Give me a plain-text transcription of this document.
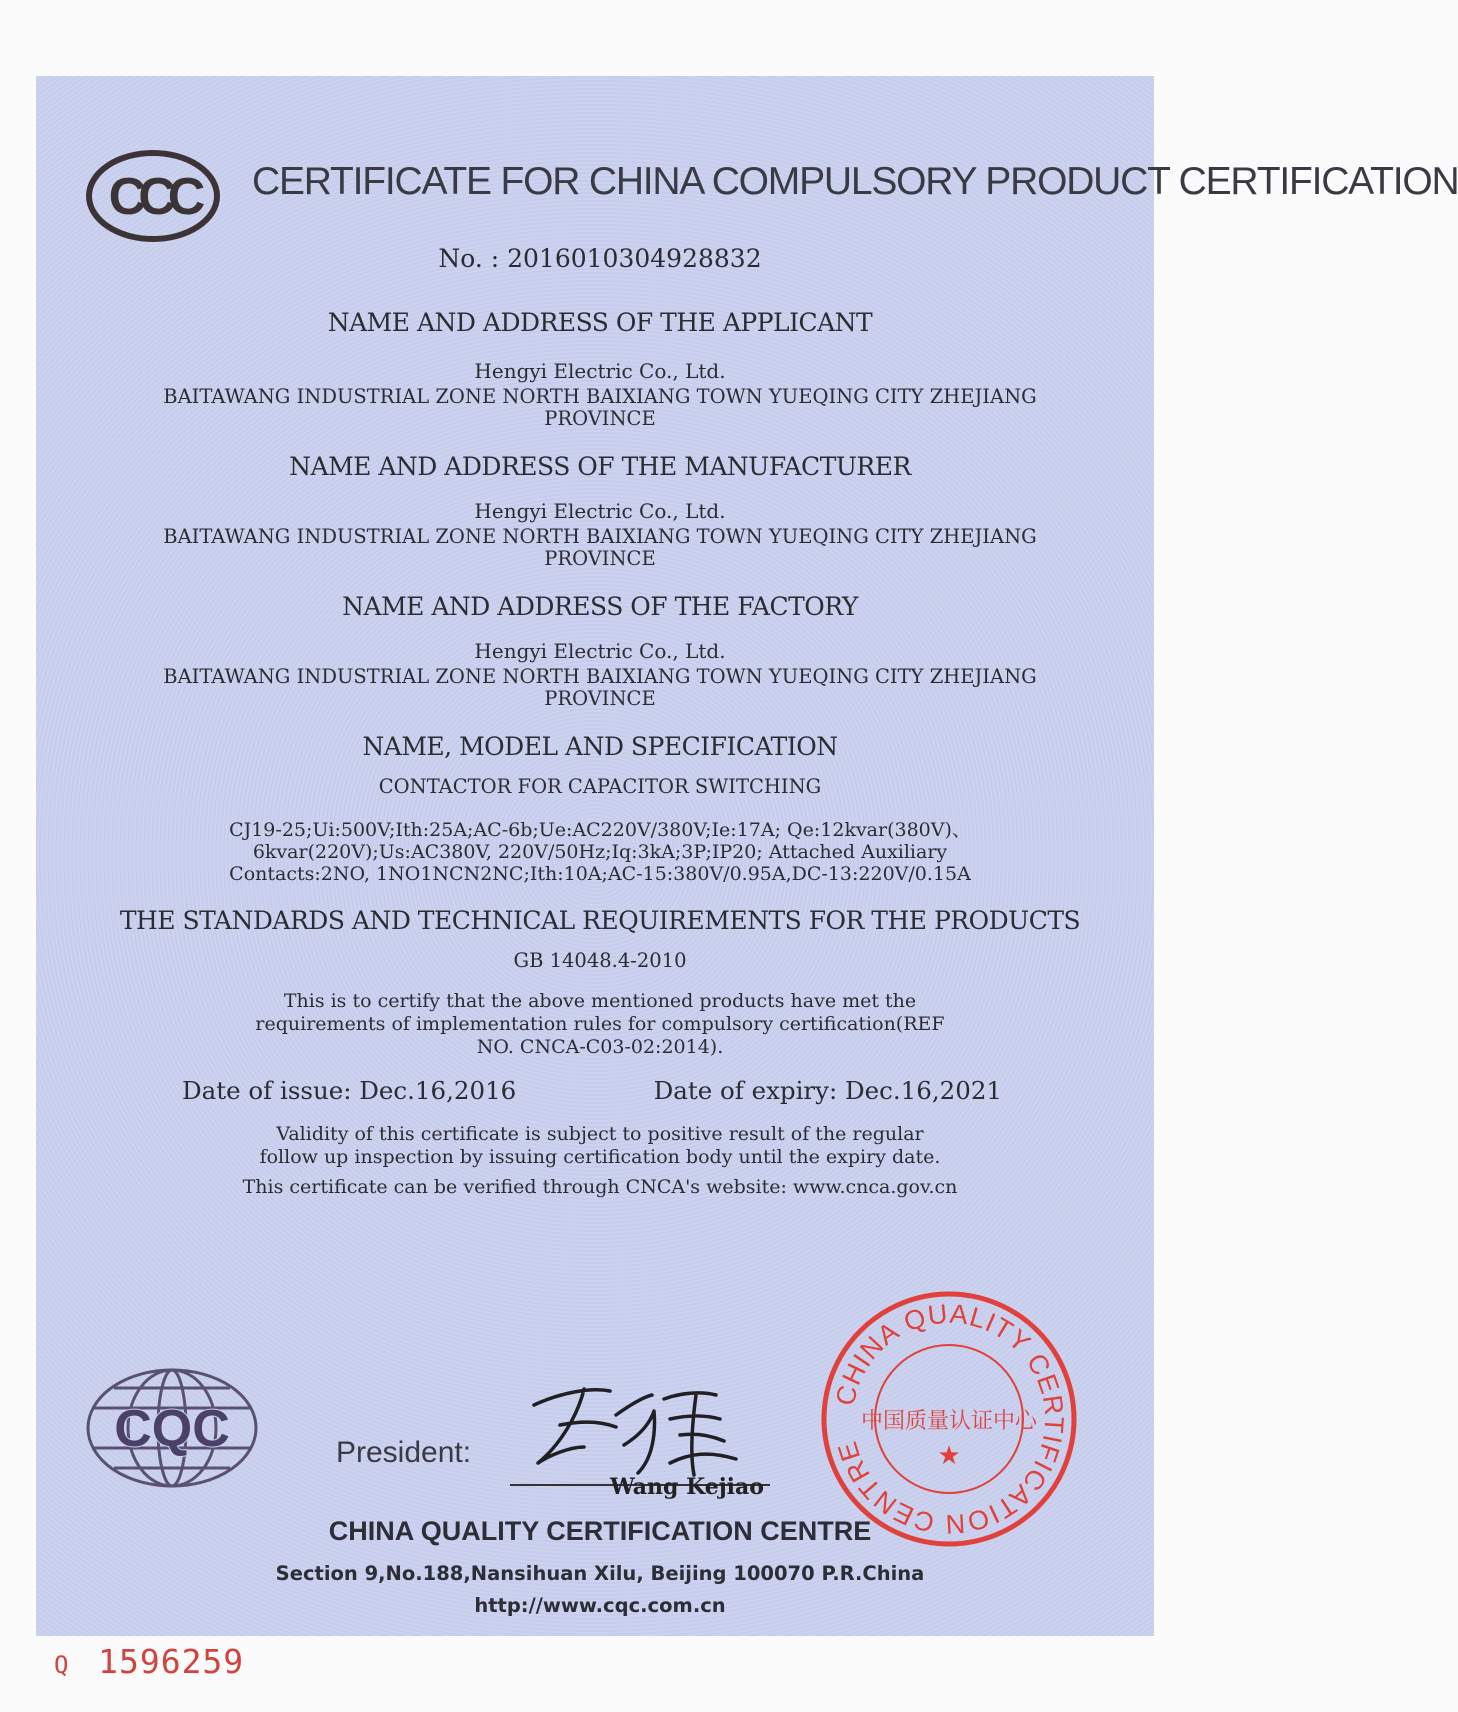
CCC CERTIFICATE FOR CHINA COMPULSORY PRODUCT CERTIFICATION
No. : 2016010304928832
NAME AND ADDRESS OF THE APPLICANT
Hengyi Electric Co., Ltd.
BAITAWANG INDUSTRIAL ZONE NORTH BAIXIANG TOWN YUEQING CITY ZHEJIANG
PROVINCE
NAME AND ADDRESS OF THE MANUFACTURER
Hengyi Electric Co., Ltd.
BAITAWANG INDUSTRIAL ZONE NORTH BAIXIANG TOWN YUEQING CITY ZHEJIANG
PROVINCE
NAME AND ADDRESS OF THE FACTORY
Hengyi Electric Co., Ltd.
BAITAWANG INDUSTRIAL ZONE NORTH BAIXIANG TOWN YUEQING CITY ZHEJIANG
PROVINCE
NAME, MODEL AND SPECIFICATION
CONTACTOR FOR CAPACITOR SWITCHING
CJ19-25;Ui:500V;Ith:25A;AC-6b;Ue:AC220V/380V;Ie:17A; Qe:12kvar(380V)、
6kvar(220V);Us:AC380V, 220V/50Hz;Iq:3kA;3P;IP20; Attached Auxiliary
Contacts:2NO, 1NO1NCN2NC;Ith:10A;AC-15:380V/0.95A,DC-13:220V/0.15A
THE STANDARDS AND TECHNICAL REQUIREMENTS FOR THE PRODUCTS
GB 14048.4-2010
This is to certify that the above mentioned products have met the
requirements of implementation rules for compulsory certification(REF
NO. CNCA-C03-02:2014).
Date of issue: Dec.16,2016	Date of expiry: Dec.16,2021
Validity of this certificate is subject to positive result of the regular
follow up inspection by issuing certification body until the expiry date.
This certificate can be verified through CNCA's website: www.cnca.gov.cn
CQC	President:
Wang Kejiao
CHINA QUALITY CERTIFICATION CENTRE
Section 9,No.188,Nansihuan Xilu, Beijing 100070 P.R.China
http://www.cqc.com.cn
CHINA QUALITY CERTIFICATION CENTRE
中国质量认证中心
★
Q 1596259
